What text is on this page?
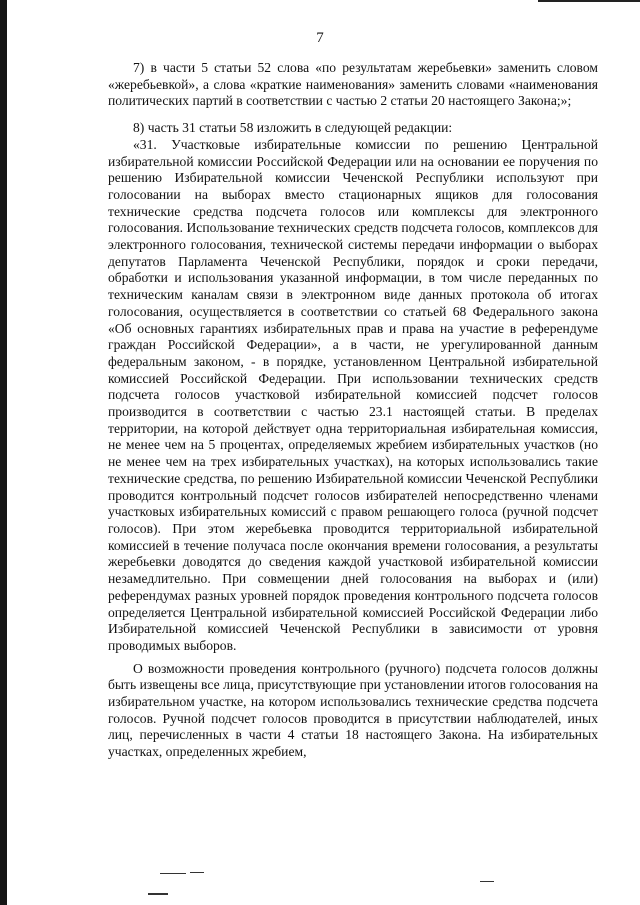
7

7) в части 5 статьи 52 слова «по результатам жеребьевки» заменить словом «жеребьевкой», а слова «краткие наименования» заменить словами «наименования политических партий в соответствии с частью 2 статьи 20 настоящего Закона;»;

8) часть 31 статьи 58 изложить в следующей редакции:

«31. Участковые избирательные комиссии по решению Центральной избирательной комиссии Российской Федерации или на основании ее поручения по решению Избирательной комиссии Чеченской Республики используют при голосовании на выборах вместо стационарных ящиков для голосования технические средства подсчета голосов или комплексы для электронного голосования. Использование технических средств подсчета голосов, комплексов для электронного голосования, технической системы передачи информации о выборах депутатов Парламента Чеченской Республики, порядок и сроки передачи, обработки и использования указанной информации, в том числе переданных по техническим каналам связи в электронном виде данных протокола об итогах голосования, осуществляется в соответствии со статьей 68 Федерального закона «Об основных гарантиях избирательных прав и права на участие в референдуме граждан Российской Федерации», а в части, не урегулированной данным федеральным законом, - в порядке, установленном Центральной избирательной комиссией Российской Федерации. При использовании технических средств подсчета голосов участковой избирательной комиссией подсчет голосов производится в соответствии с частью 23.1 настоящей статьи. В пределах территории, на которой действует одна территориальная избирательная комиссия, не менее чем на 5 процентах, определяемых жребием избирательных участков (но не менее чем на трех избирательных участках), на которых использовались такие технические средства, по решению Избирательной комиссии Чеченской Республики проводится контрольный подсчет голосов избирателей непосредственно членами участковых избирательных комиссий с правом решающего голоса (ручной подсчет голосов). При этом жеребьевка проводится территориальной избирательной комиссией в течение получаса после окончания времени голосования, а результаты жеребьевки доводятся до сведения каждой участковой избирательной комиссии незамедлительно. При совмещении дней голосования на выборах и (или) референдумах разных уровней порядок проведения контрольного подсчета голосов определяется Центральной избирательной комиссией Российской Федерации либо Избирательной комиссией Чеченской Республики в зависимости от уровня проводимых выборов.

О возможности проведения контрольного (ручного) подсчета голосов должны быть извещены все лица, присутствующие при установлении итогов голосования на избирательном участке, на котором использовались технические средства подсчета голосов. Ручной подсчет голосов проводится в присутствии наблюдателей, иных лиц, перечисленных в части 4 статьи 18 настоящего Закона. На избирательных участках, определенных жребием,
